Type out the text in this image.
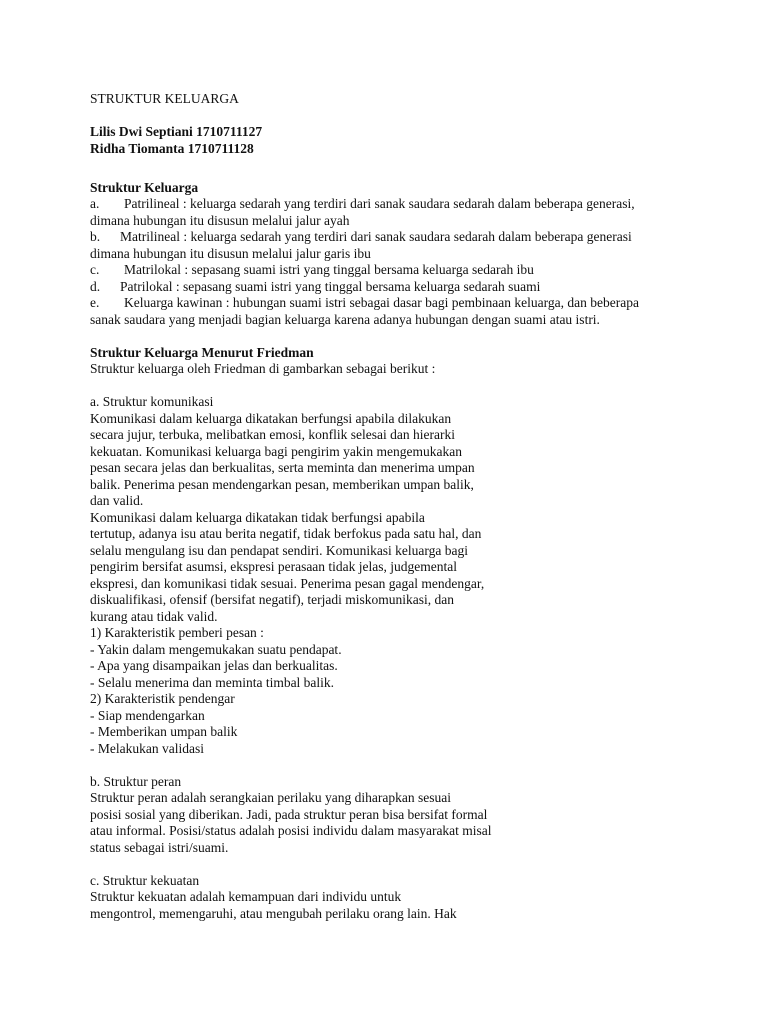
STRUKTUR KELUARGA
Lilis Dwi Septiani 1710711127
Ridha Tiomanta 1710711128
Struktur Keluarga
a.	Patrilineal : keluarga sedarah yang terdiri dari sanak saudara sedarah dalam beberapa generasi,
dimana hubungan itu disusun melalui jalur ayah
b.	Matrilineal : keluarga sedarah yang terdiri dari sanak saudara sedarah dalam beberapa generasi
dimana hubungan itu disusun melalui jalur garis ibu
c.	Matrilokal : sepasang suami istri yang tinggal bersama keluarga sedarah ibu
d.	Patrilokal : sepasang suami istri yang tinggal bersama keluarga sedarah suami
e.	Keluarga kawinan : hubungan suami istri sebagai dasar bagi pembinaan keluarga, dan beberapa
sanak saudara yang menjadi bagian keluarga karena adanya hubungan dengan suami atau istri.
Struktur Keluarga Menurut Friedman
Struktur keluarga oleh Friedman di gambarkan sebagai berikut :
a. Struktur komunikasi
Komunikasi dalam keluarga dikatakan berfungsi apabila dilakukan
secara jujur, terbuka, melibatkan emosi, konflik selesai dan hierarki
kekuatan. Komunikasi keluarga bagi pengirim yakin mengemukakan
pesan secara jelas dan berkualitas, serta meminta dan menerima umpan
balik. Penerima pesan mendengarkan pesan, memberikan umpan balik,
dan valid.
Komunikasi dalam keluarga dikatakan tidak berfungsi apabila
tertutup, adanya isu atau berita negatif, tidak berfokus pada satu hal, dan
selalu mengulang isu dan pendapat sendiri. Komunikasi keluarga bagi
pengirim bersifat asumsi, ekspresi perasaan tidak jelas, judgemental
ekspresi, dan komunikasi tidak sesuai. Penerima pesan gagal mendengar,
diskualifikasi, ofensif (bersifat negatif), terjadi miskomunikasi, dan
kurang atau tidak valid.
1) Karakteristik pemberi pesan :
- Yakin dalam mengemukakan suatu pendapat.
- Apa yang disampaikan jelas dan berkualitas.
- Selalu menerima dan meminta timbal balik.
2) Karakteristik pendengar
- Siap mendengarkan
- Memberikan umpan balik
- Melakukan validasi
b. Struktur peran
Struktur peran adalah serangkaian perilaku yang diharapkan sesuai
posisi sosial yang diberikan. Jadi, pada struktur peran bisa bersifat formal
atau informal. Posisi/status adalah posisi individu dalam masyarakat misal
status sebagai istri/suami.
c. Struktur kekuatan
Struktur kekuatan adalah kemampuan dari individu untuk
mengontrol, memengaruhi, atau mengubah perilaku orang lain. Hak
